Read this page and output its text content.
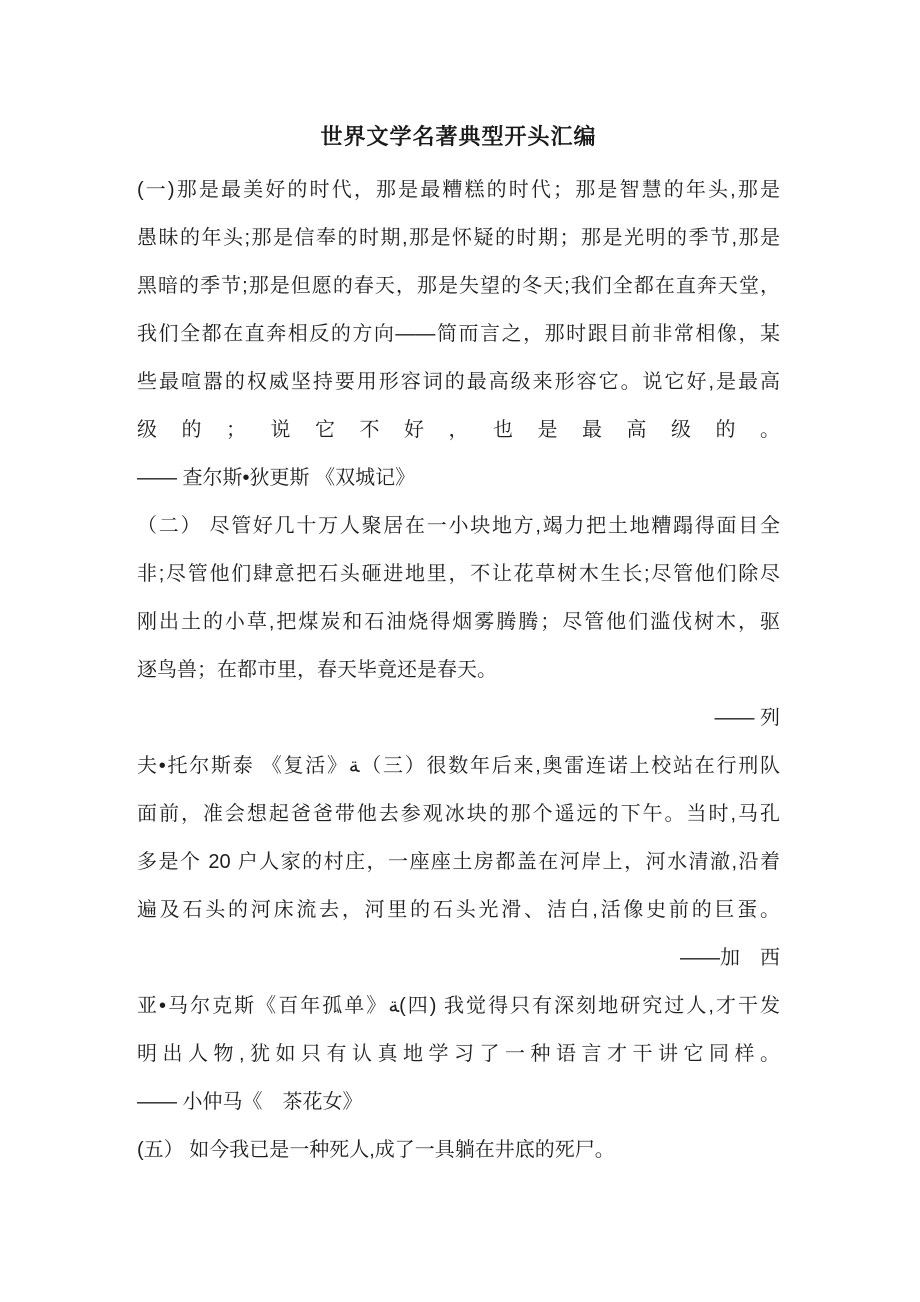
世界文学名著典型开头汇编
(一)那是最美好的时代，那是最糟糕的时代；那是智慧的年头,那是
愚昧的年头;那是信奉的时期,那是怀疑的时期；那是光明的季节,那是
黑暗的季节;那是但愿的春天，那是失望的冬天;我们全都在直奔天堂，
我们全都在直奔相反的方向——简而言之，那时跟目前非常相像，某
些最喧嚣的权威坚持要用形容词的最高级来形容它。说它好,是最高
级的；说它不好，也是最高级的。
—— 查尔斯•狄更斯 《双城记》
（二） 尽管好几十万人聚居在一小块地方,竭力把土地糟蹋得面目全
非;尽管他们肆意把石头砸进地里，不让花草树木生长;尽管他们除尽
刚出土的小草,把煤炭和石油烧得烟雾腾腾；尽管他们滥伐树木，驱
逐鸟兽；在都市里，春天毕竟还是春天。
—— 列
夫•托尔斯泰 《复活》ﺔ（三）很数年后来,奥雷连诺上校站在行刑队
面前，准会想起爸爸带他去参观冰块的那个遥远的下午。当时,马孔
多是个 20 户人家的村庄，一座座土房都盖在河岸上，河水清澈,沿着
遍及石头的河床流去，河里的石头光滑、洁白,活像史前的巨蛋。
——加　西
亚•马尔克斯《百年孤单》ﺔ(四) 我觉得只有深刻地研究过人,才干发
明出人物,犹如只有认真地学习了一种语言才干讲它同样。
—— 小仲马《　茶花女》
(五） 如今我已是一种死人,成了一具躺在井底的死尸。
